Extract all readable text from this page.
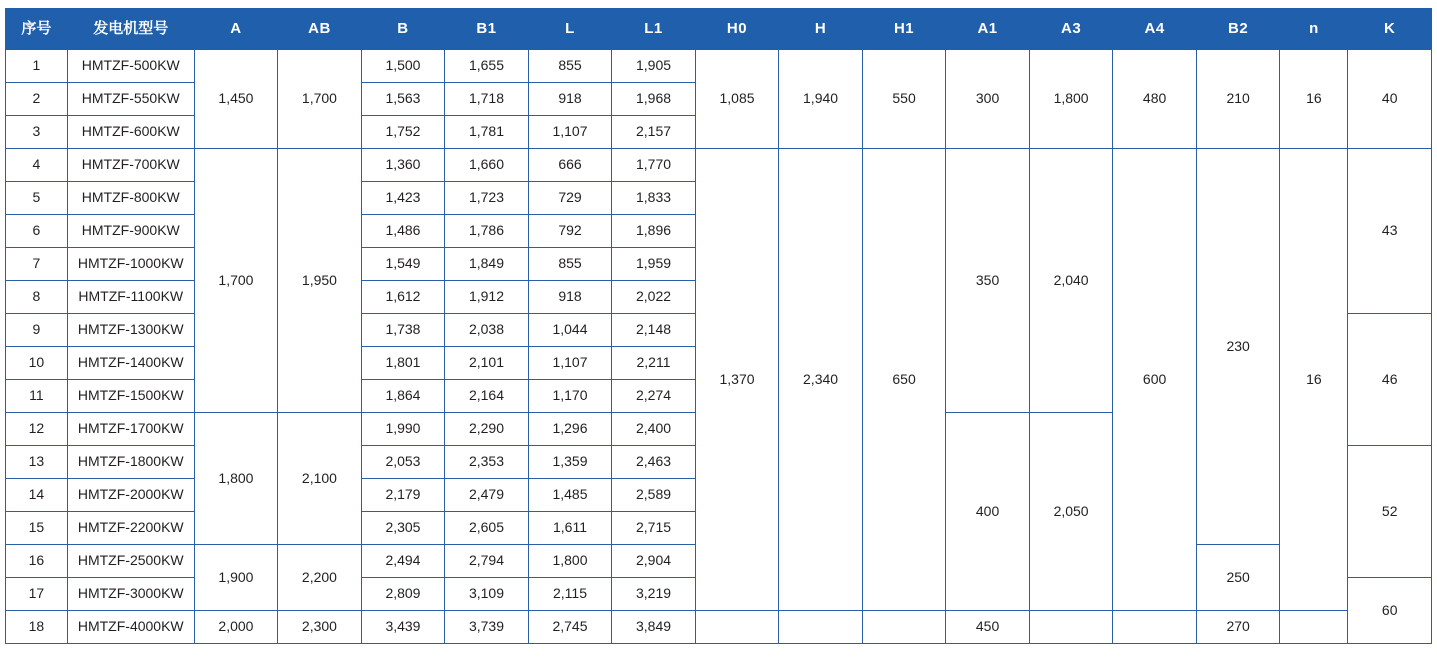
序号	发电机型号	A	AB	B	B1	L	L1	H0	H	H1	A1	A3	A4	B2	n	K
1	HMTZF-500KW	1,450	1,700	1,500	1,655	855	1,905	1,085	1,940	550	300	1,800	480	210	16	40
2	HMTZF-550KW			1,563	1,718	918	1,968									
3	HMTZF-600KW			1,752	1,781	1,107	2,157									
4	HMTZF-700KW	1,700	1,950	1,360	1,660	666	1,770	1,370	2,340	650	350	2,040	600	230	16	43
5	HMTZF-800KW			1,423	1,723	729	1,833									
6	HMTZF-900KW			1,486	1,786	792	1,896									
7	HMTZF-1000KW			1,549	1,849	855	1,959									
8	HMTZF-1100KW			1,612	1,912	918	2,022									
9	HMTZF-1300KW			1,738	2,038	1,044	2,148									46
10	HMTZF-1400KW			1,801	2,101	1,107	2,211									
11	HMTZF-1500KW			1,864	2,164	1,170	2,274									
12	HMTZF-1700KW	1,800	2,100	1,990	2,290	1,296	2,400				400	2,050				
13	HMTZF-1800KW			2,053	2,353	1,359	2,463									52
14	HMTZF-2000KW			2,179	2,479	1,485	2,589									
15	HMTZF-2200KW			2,305	2,605	1,611	2,715									
16	HMTZF-2500KW	1,900	2,200	2,494	2,794	1,800	2,904							250		
17	HMTZF-3000KW			2,809	3,109	2,115	3,219									60
18	HMTZF-4000KW	2,000	2,300	3,439	3,739	2,745	3,849				450			270		
